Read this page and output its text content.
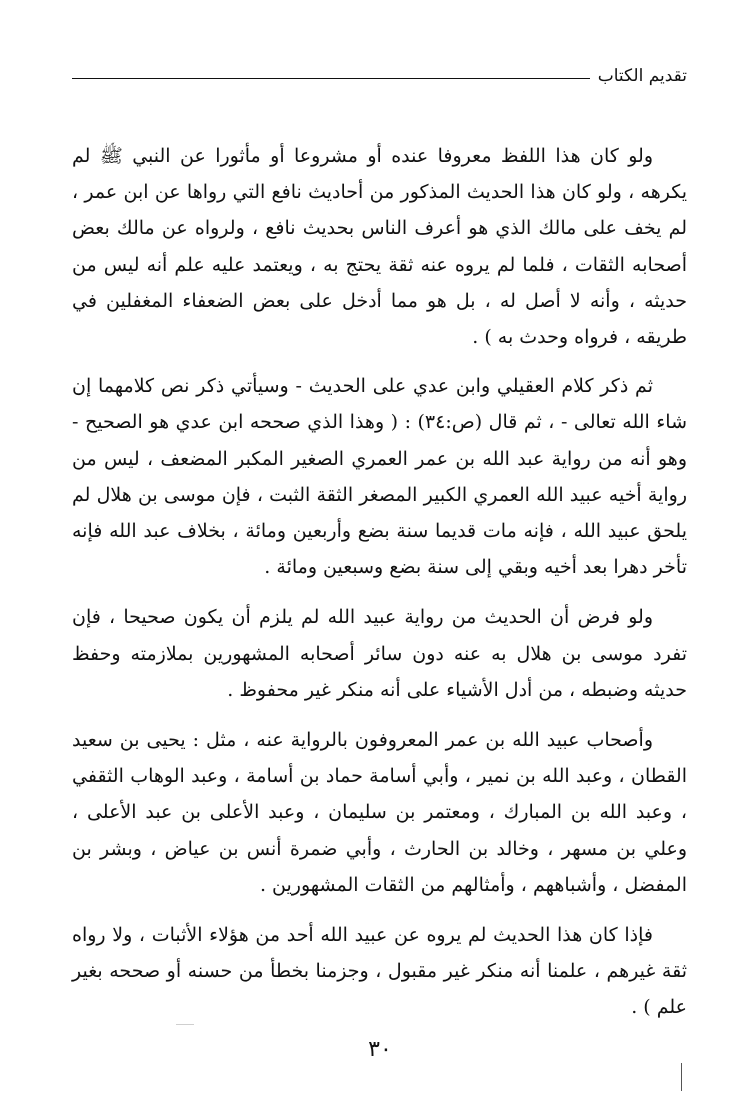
تقديم الكتاب

ولو كان هذا اللفظ معروفا عنده أو مشروعا أو مأثورا عن النبي ﷺ لم يكرهه ، ولو كان هذا الحديث المذكور من أحاديث نافع التي رواها عن ابن عمر ، لم يخف على مالك الذي هو أعرف الناس بحديث نافع ، ولرواه عن مالك بعض أصحابه الثقات ، فلما لم يروه عنه ثقة يحتج به ، ويعتمد عليه علم أنه ليس من حديثه ، وأنه لا أصل له ، بل هو مما أدخل على بعض الضعفاء المغفلين في طريقه ، فرواه وحدث به ) .

ثم ذكر كلام العقيلي وابن عدي على الحديث - وسيأتي ذكر نص كلامهما إن شاء الله تعالى - ، ثم قال (ص:٣٤) : ( وهذا الذي صححه ابن عدي هو الصحيح - وهو أنه من رواية عبد الله بن عمر العمري الصغير المكبر المضعف ، ليس من رواية أخيه عبيد الله العمري الكبير المصغر الثقة الثبت ، فإن موسى بن هلال لم يلحق عبيد الله ، فإنه مات قديما سنة بضع وأربعين ومائة ، بخلاف عبد الله فإنه تأخر دهرا بعد أخيه وبقي إلى سنة بضع وسبعين ومائة .

ولو فرض أن الحديث من رواية عبيد الله لم يلزم أن يكون صحيحا ، فإن تفرد موسى بن هلال به عنه دون سائر أصحابه المشهورين بملازمته وحفظ حديثه وضبطه ، من أدل الأشياء على أنه منكر غير محفوظ .

وأصحاب عبيد الله بن عمر المعروفون بالرواية عنه ، مثل : يحيى بن سعيد القطان ، وعبد الله بن نمير ، وأبي أسامة حماد بن أسامة ، وعبد الوهاب الثقفي ، وعبد الله بن المبارك ، ومعتمر بن سليمان ، وعبد الأعلى بن عبد الأعلى ، وعلي بن مسهر ، وخالد بن الحارث ، وأبي ضمرة أنس بن عياض ، وبشر بن المفضل ، وأشباههم ، وأمثالهم من الثقات المشهورين .

فإذا كان هذا الحديث لم يروه عن عبيد الله أحد من هؤلاء الأثبات ، ولا رواه ثقة غيرهم ، علمنا أنه منكر غير مقبول ، وجزمنا بخطأ من حسنه أو صححه بغير علم ) .

٣٠
